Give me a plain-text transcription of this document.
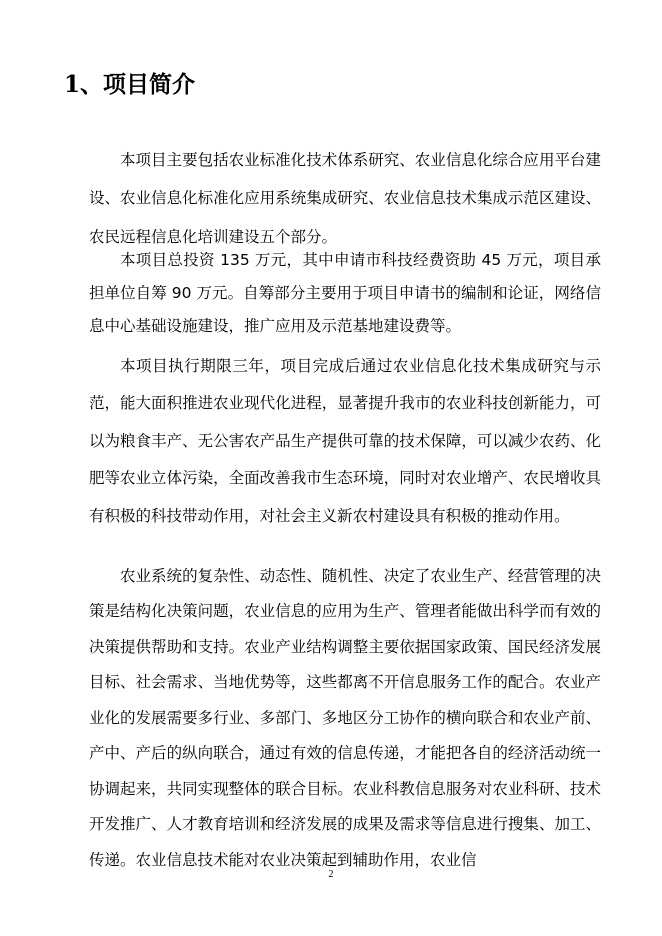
1、项目简介

本项目主要包括农业标准化技术体系研究、农业信息化综合应用平台建设、农业信息化标准化应用系统集成研究、农业信息技术集成示范区建设、农民远程信息化培训建设五个部分。

本项目总投资 135 万元，其中申请市科技经费资助 45 万元，项目承担单位自筹 90 万元。自筹部分主要用于项目申请书的编制和论证，网络信息中心基础设施建设，推广应用及示范基地建设费等。

本项目执行期限三年，项目完成后通过农业信息化技术集成研究与示范，能大面积推进农业现代化进程，显著提升我市的农业科技创新能力，可以为粮食丰产、无公害农产品生产提供可靠的技术保障，可以减少农药、化肥等农业立体污染，全面改善我市生态环境，同时对农业增产、农民增收具有积极的科技带动作用，对社会主义新农村建设具有积极的推动作用。

农业系统的复杂性、动态性、随机性、决定了农业生产、经营管理的决策是结构化决策问题，农业信息的应用为生产、管理者能做出科学而有效的决策提供帮助和支持。农业产业结构调整主要依据国家政策、国民经济发展目标、社会需求、当地优势等，这些都离不开信息服务工作的配合。农业产业化的发展需要多行业、多部门、多地区分工协作的横向联合和农业产前、产中、产后的纵向联合，通过有效的信息传递，才能把各自的经济活动统一协调起来，共同实现整体的联合目标。农业科教信息服务对农业科研、技术开发推广、人才教育培训和经济发展的成果及需求等信息进行搜集、加工、传递。农业信息技术能对农业决策起到辅助作用，农业信

2
